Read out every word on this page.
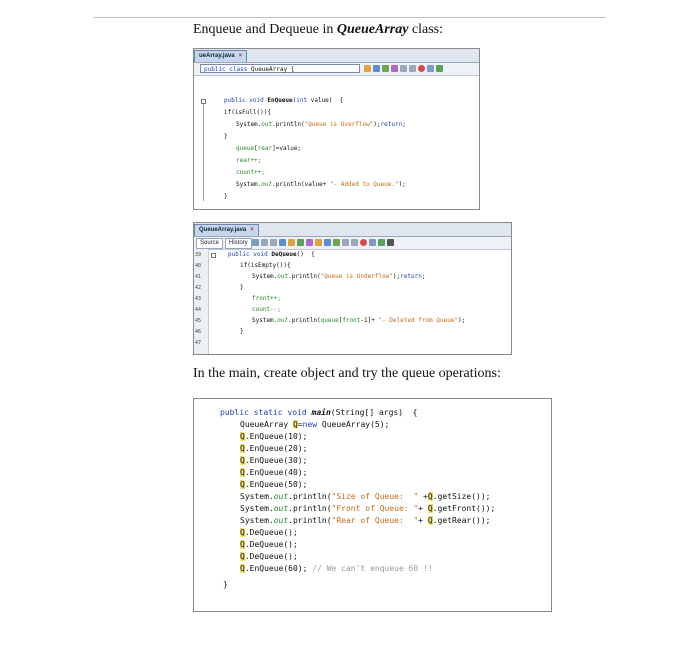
Enqueue and Dequeue in QueueArray class:
ueArray.java ×
public class QueueArray {

public void EnQueue(int value)  {

if(isFull()){

System.out.println("Queue is Overflow");return;

}

queue[rear]=value;

rear++;

count++;

System.out.println(value+ "- Added to Queue.");

}

QueueArray.java ×
Source	History
39
40
41
42
43
44
45
46
47

public void DeQueue()  {

if(isEmpty()){

System.out.println("Queue is Underflow");return;

}

front++;

count--;

System.out.println(queue[front-1]+ "- Deleted from Queue");

}

In the main, create object and try the queue operations:

public static void main(String[] args)  {

QueueArray Q=new QueueArray(5);

Q.EnQueue(10);

Q.EnQueue(20);

Q.EnQueue(30);

Q.EnQueue(40);

Q.EnQueue(50);

System.out.println("Size of Queue:  " +Q.getSize());

System.out.println("Front of Queue: "+ Q.getFront());

System.out.println("Rear of Queue:  "+ Q.getRear());

Q.DeQueue();

Q.DeQueue();

Q.DeQueue();

Q.EnQueue(60); // We can't enqueue 60 !!

}
